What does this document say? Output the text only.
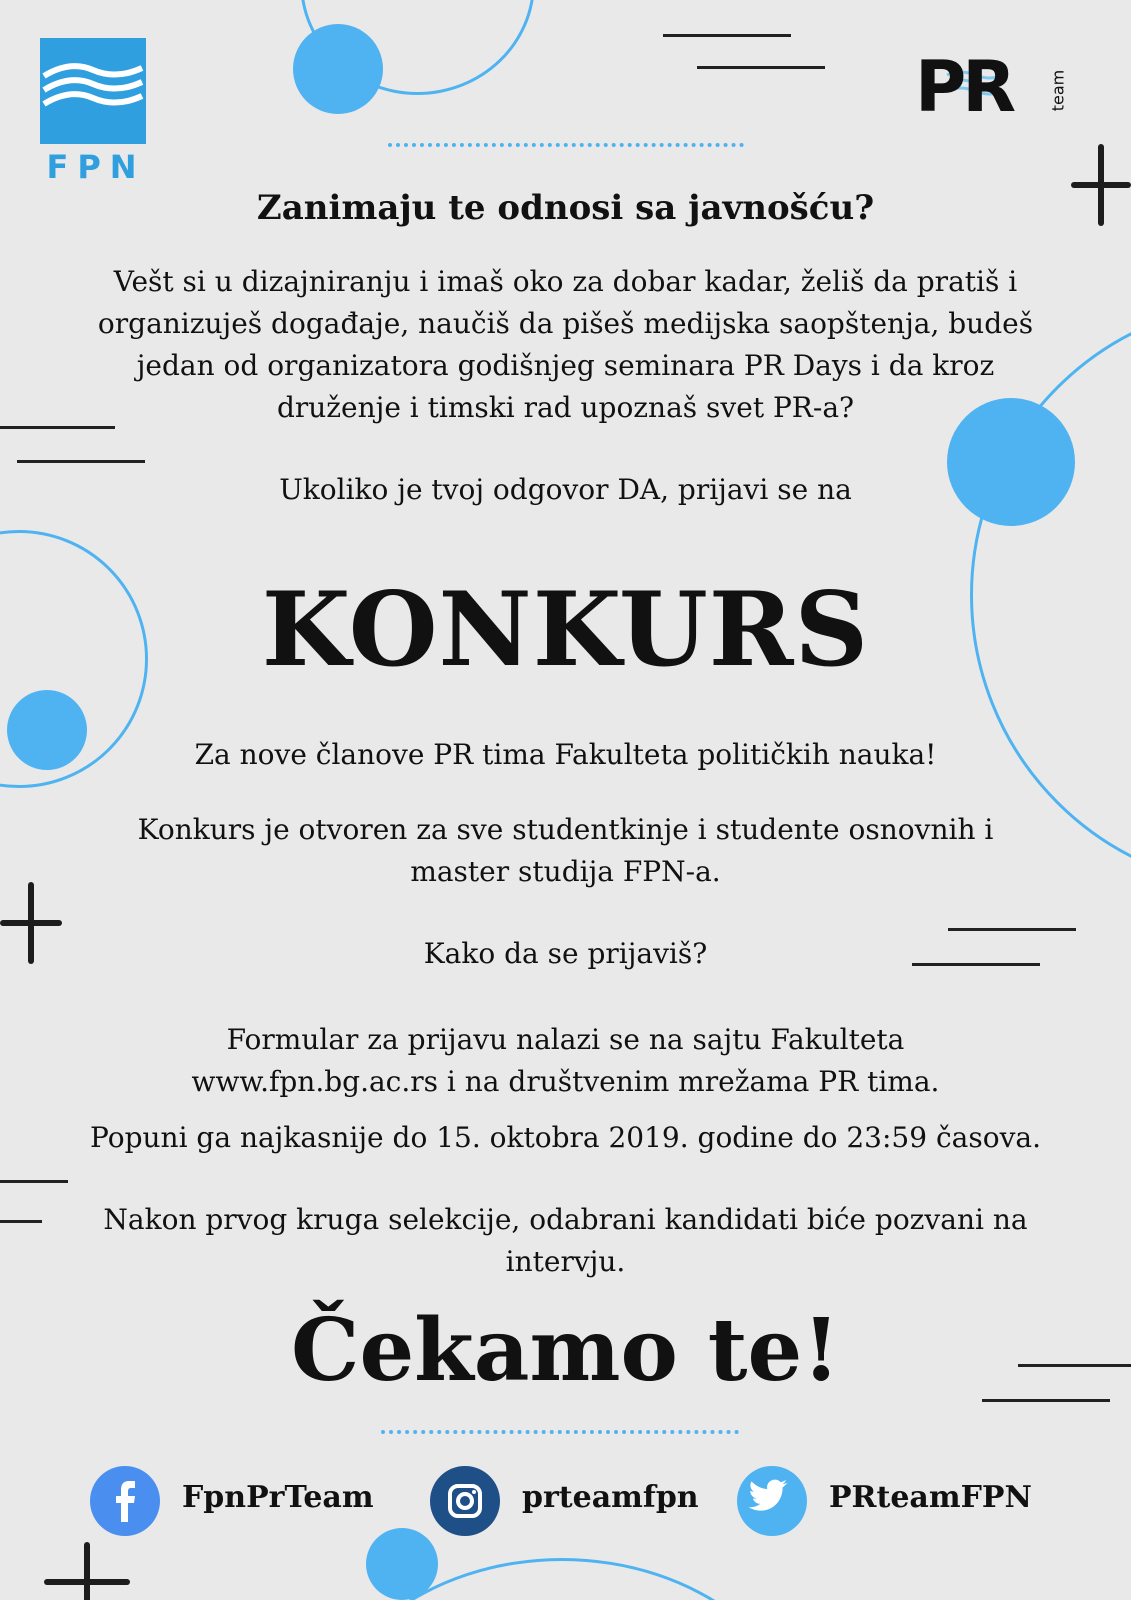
FPN
PR team
Zanimaju te odnosi sa javnošću?
Vešt si u dizajniranju i imaš oko za dobar kadar, želiš da pratiš i
organizuješ događaje, naučiš da pišeš medijska saopštenja, budeš
jedan od organizatora godišnjeg seminara PR Days i da kroz
druženje i timski rad upoznaš svet PR-a?
Ukoliko je tvoj odgovor DA, prijavi se na
KONKURS
Za nove članove PR tima Fakulteta političkih nauka!
Konkurs je otvoren za sve studentkinje i studente osnovnih i
master studija FPN-a.
Kako da se prijaviš?
Formular za prijavu nalazi se na sajtu Fakulteta
www.fpn.bg.ac.rs i na društvenim mrežama PR tima.
Popuni ga najkasnije do 15. oktobra 2019. godine do 23:59 časova.
Nakon prvog kruga selekcije, odabrani kandidati biće pozvani na
intervju.
Čekamo te!
FpnPrTeam	prteamfpn	PRteamFPN
